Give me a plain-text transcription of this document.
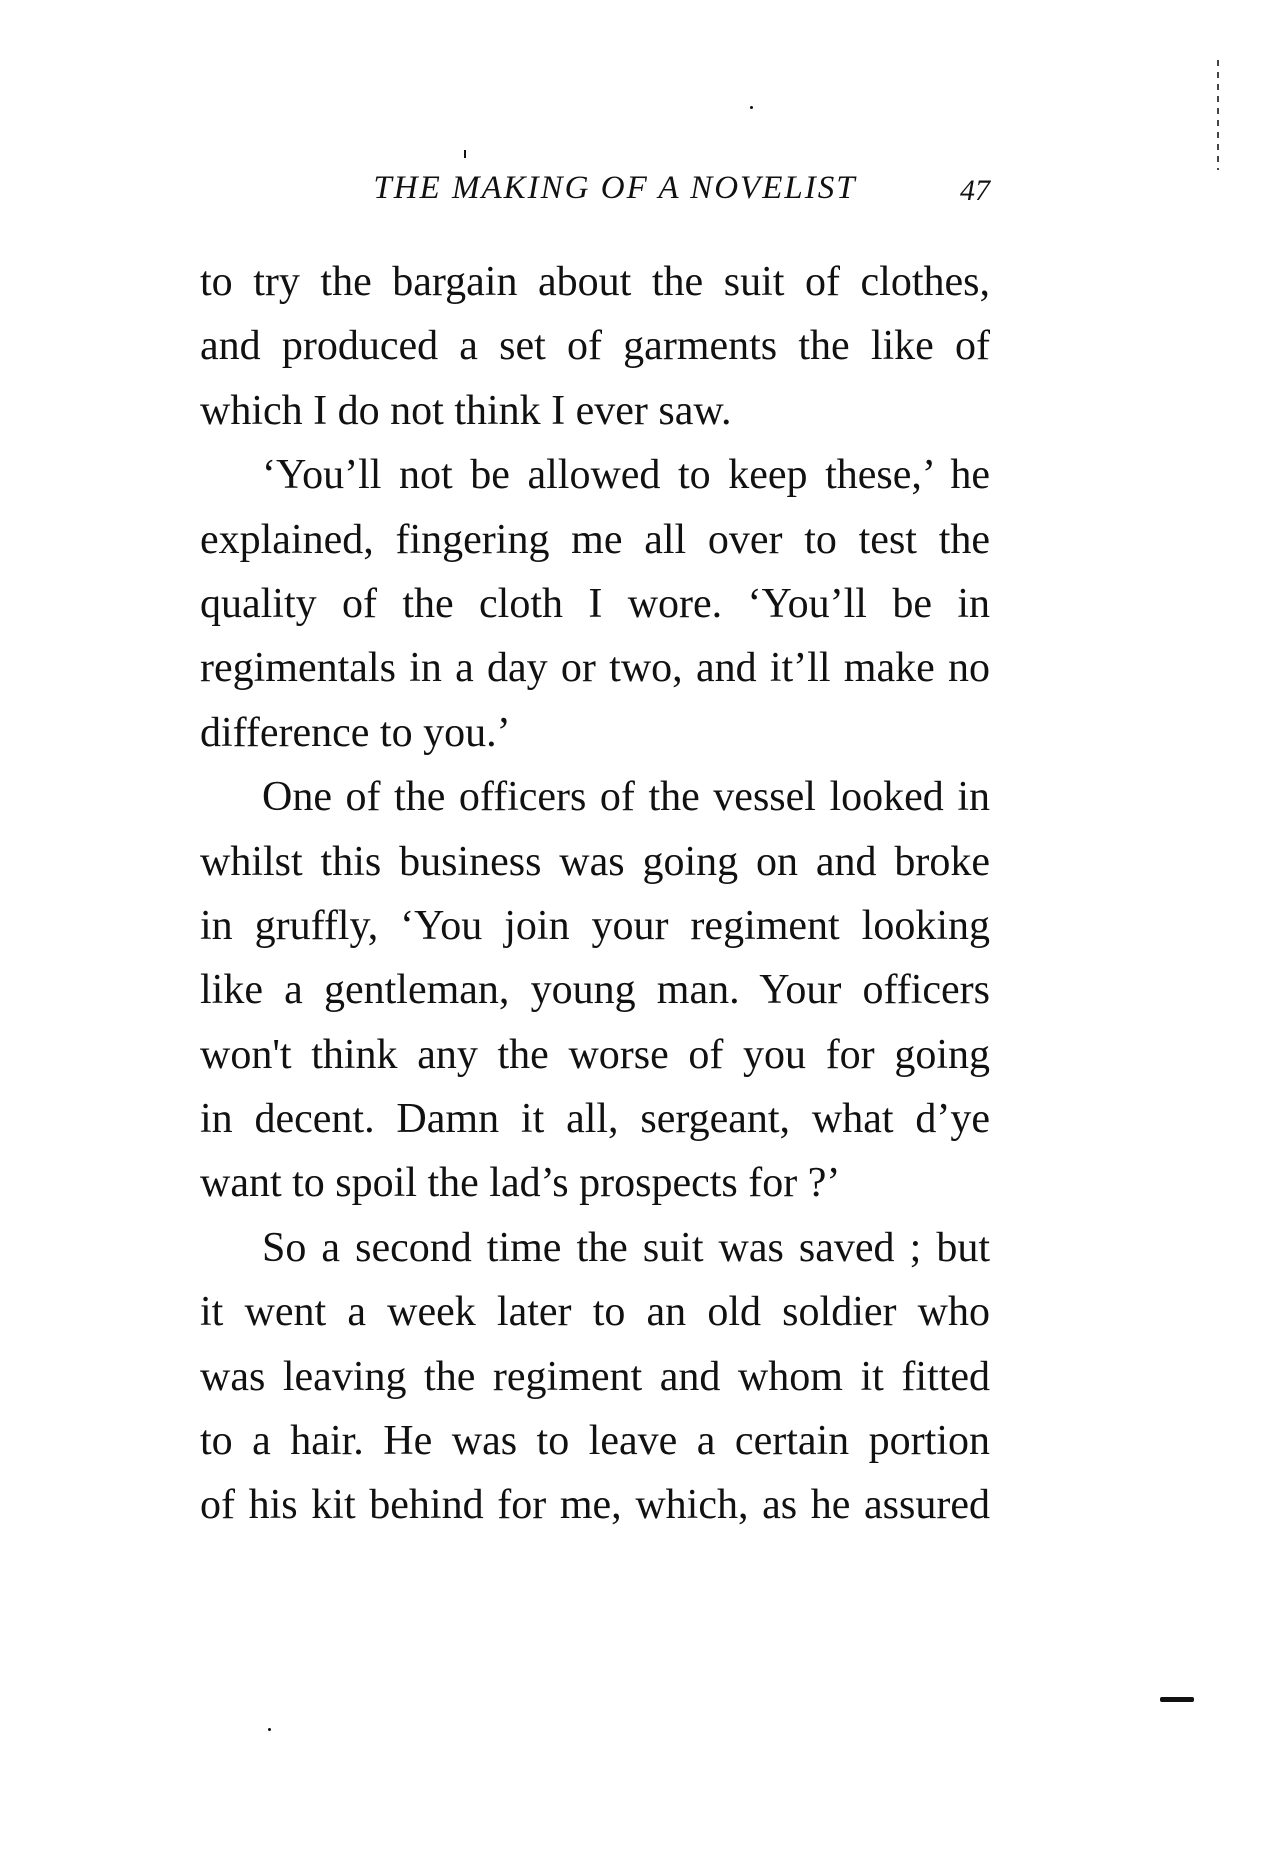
THE MAKING OF A NOVELIST	47

to try the bargain about the suit of clothes,
and produced a set of garments the like of
which I do not think I ever saw.

‘You’ll not be allowed to keep these,’ he
explained, fingering me all over to test the
quality of the cloth I wore. ‘You’ll be in
regimentals in a day or two, and it’ll make no
difference to you.’

One of the officers of the vessel looked in
whilst this business was going on and broke
in gruffly, ‘You join your regiment looking
like a gentleman, young man. Your officers
won't think any the worse of you for going
in decent. Damn it all, sergeant, what d’ye
want to spoil the lad’s prospects for ?’

So a second time the suit was saved ; but
it went a week later to an old soldier who
was leaving the regiment and whom it fitted
to a hair. He was to leave a certain portion
of his kit behind for me, which, as he assured
